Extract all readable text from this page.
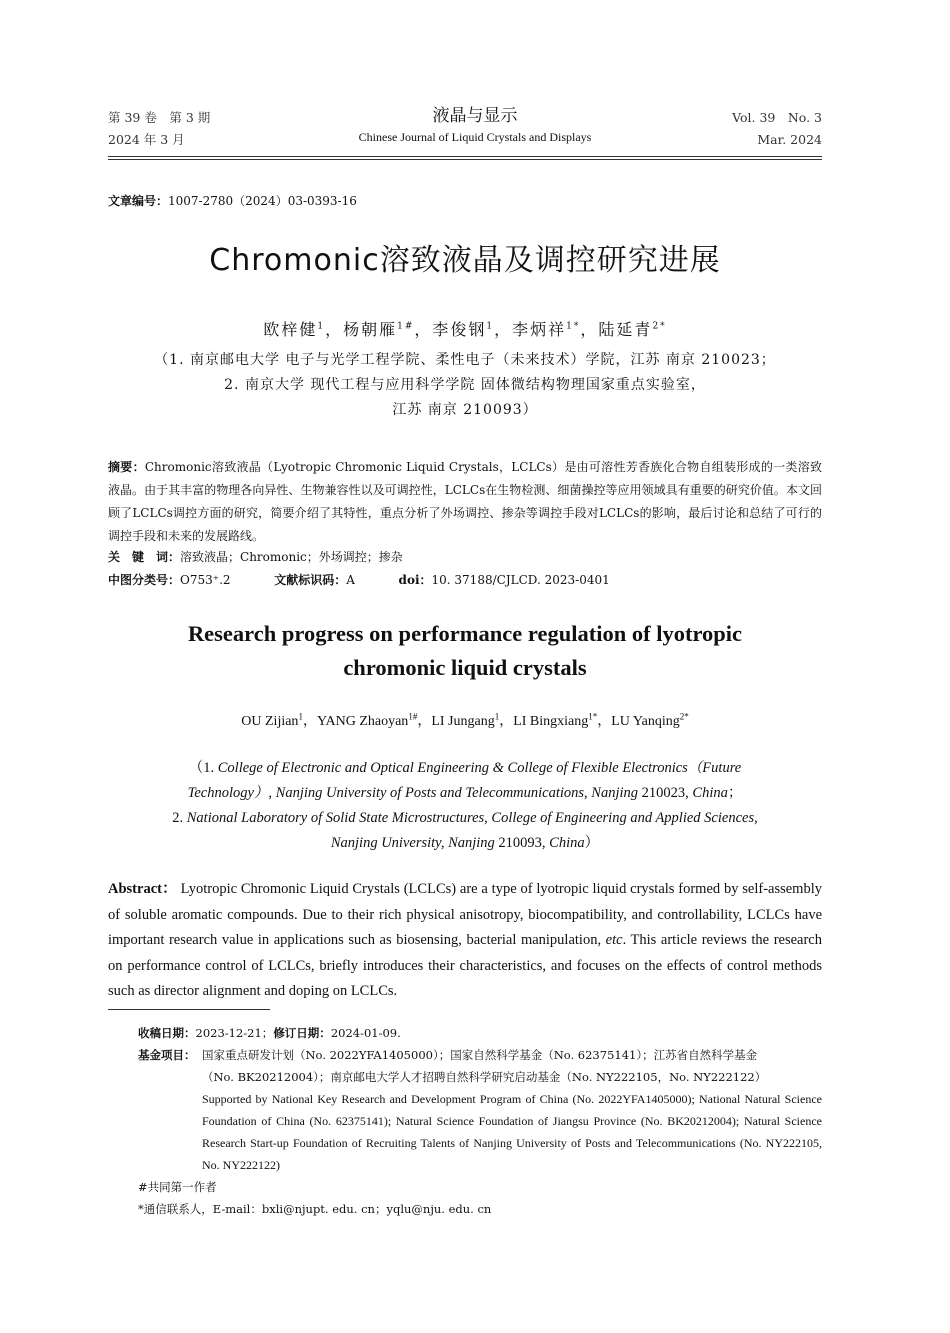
第 39 卷　第 3 期
2024 年 3 月
液晶与显示
Chinese Journal of Liquid Crystals and Displays
Vol. 39　No. 3
Mar. 2024
文章编号：1007-2780（2024）03-0393-16
Chromonic溶致液晶及调控研究进展
欧梓健$^1$，杨朝雁$^{1\#}$，李俊钢$^1$，李炳祥$^{1*}$，陆延青$^{2*}$
（1. 南京邮电大学 电子与光学工程学院、柔性电子（未来技术）学院，江苏 南京 210023；
2. 南京大学 现代工程与应用科学学院 固体微结构物理国家重点实验室，
江苏 南京 210093）
摘要：Chromonic溶致液晶（Lyotropic Chromonic Liquid Crystals，LCLCs）是由可溶性芳香族化合物自组装形成的一类溶致液晶。由于其丰富的物理各向异性、生物兼容性以及可调控性，LCLCs在生物检测、细菌操控等应用领域具有重要的研究价值。本文回顾了LCLCs调控方面的研究，简要介绍了其特性，重点分析了外场调控、掺杂等调控手段对LCLCs的影响，最后讨论和总结了可行的调控手段和未来的发展路线。
关　键　词：溶致液晶；Chromonic；外场调控；掺杂
中图分类号：O753⁺.2	文献标识码：A	doi：10. 37188/CJLCD. 2023-0401
Research progress on performance regulation of lyotropic
chromonic liquid crystals
OU Zijian$^1$，YANG Zhaoyan$^{1\#}$，LI Jungang$^1$，LI Bingxiang$^{1*}$，LU Yanqing$^{2*}$
（1. College of Electronic and Optical Engineering & College of Flexible Electronics（Future
Technology）, Nanjing University of Posts and Telecommunications, Nanjing 210023, China；
2. National Laboratory of Solid State Microstructures, College of Engineering and Applied Sciences,
Nanjing University, Nanjing 210093, China）
Abstract： Lyotropic Chromonic Liquid Crystals (LCLCs) are a type of lyotropic liquid crystals formed by self-assembly of soluble aromatic compounds. Due to their rich physical anisotropy, biocompatibility, and controllability, LCLCs have important research value in applications such as biosensing, bacterial manipulation, etc. This article reviews the research on performance control of LCLCs, briefly introduces their characteristics, and focuses on the effects of control methods such as director alignment and doping on LCLCs.
收稿日期：2023-12-21；修订日期：2024-01-09.
基金项目： 国家重点研发计划（No. 2022YFA1405000）；国家自然科学基金（No. 62375141）；江苏省自然科学基金
（No. BK20212004）；南京邮电大学人才招聘自然科学研究启动基金（No. NY222105，No. NY222122）
Supported by National Key Research and Development Program of China (No. 2022YFA1405000); National Natural Science Foundation of China (No. 62375141); Natural Science Foundation of Jiangsu Province (No. BK20212004); Natural Science Research Start-up Foundation of Recruiting Talents of Nanjing University of Posts and Telecommunications (No. NY222105, No. NY222122)
#共同第一作者
*通信联系人，E-mail：bxli@njupt. edu. cn；yqlu@nju. edu. cn
